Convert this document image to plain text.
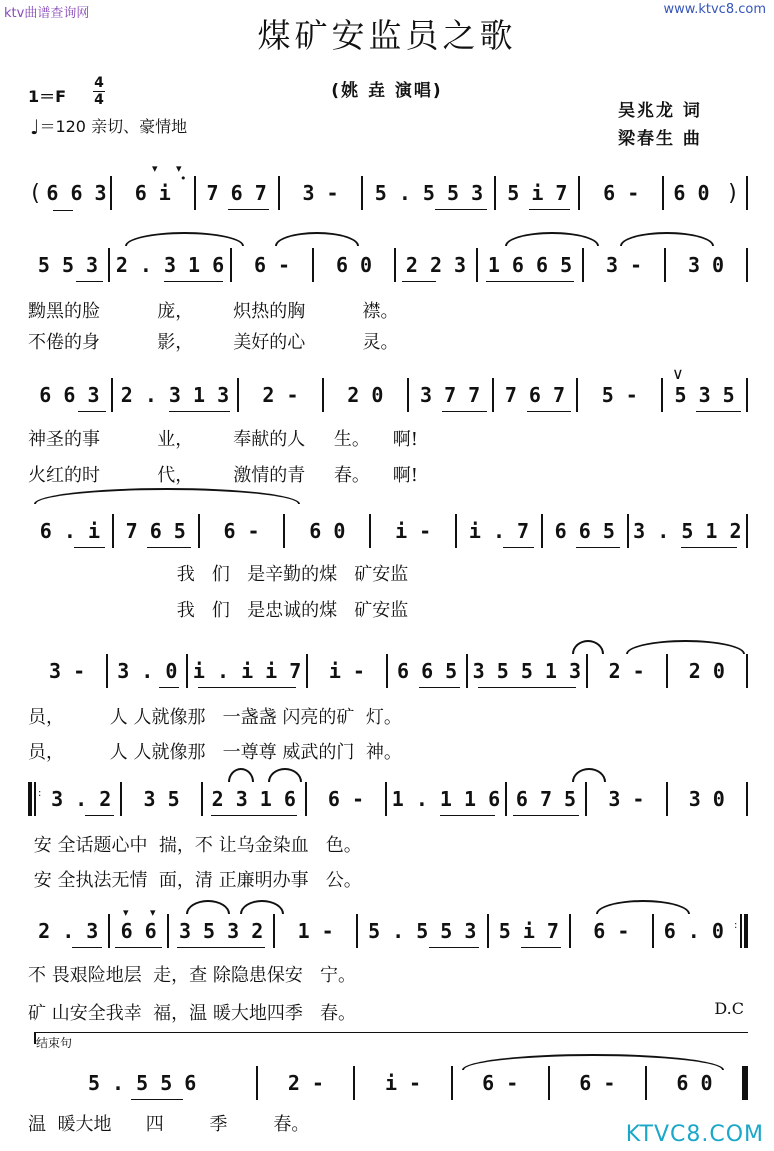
ktv曲谱查询网	www.ktvc8.com
煤矿安监员之歌
(姚 垚 演唱)
1＝F
4
4
♩＝120 亲切、豪情地
吴兆龙 词
梁春生 曲
( 6 6 3 6 i 7 6 7 3 - 5 . 5 5 3 5 i 7 6 - 6 0 )
▾ ▾
•
5 5 3 2 . 3 1 6 6 - 6 0 2 2 3 1 6 6 5 3 - 3 0
黝黑的脸          庞，       炽热的胸          襟。
不倦的身          影，       美好的心          灵。
6 6 3 2 . 3 1 3 2 - 2 0 3 7 7 7 6 7 5 - 5 3 5
∨
神圣的事          业，       奉献的人     生。    啊!
火红的时          代，       激情的青     春。    啊!
6 . i 7 6 5 6 - 6 0 i - i . 7 6 6 5 3 . 5 1 2
我   们   是辛勤的煤   矿安监
我   们   是忠诚的煤   矿安监
3 - 3 . 0 i . i i 7 i - 6 6 5 3 5 5 1 3 2 - 2 0
员，        人 人就像那   一盏盏 闪亮的矿  灯。
员，        人 人就像那   一尊尊 威武的门  神。
: 3 . 2 3 5 2 3 1 6 6 - 1 . 1 1 6 6 7 5 3 - 3 0
安 全话题心中  揣，不 让乌金染血   色。
安 全执法无情  面，清 正廉明办事   公。
▾ ▾
2 . 3 6 6 3 5 3 2 1 - 5 . 5 5 3 5 i 7 6 - 6 . 0 :
不 畏艰险地层  走，查 除隐患保安   宁。
矿 山安全我幸  福，温 暖大地四季   春。	D.C
结束句
5 . 5 5 6	2 -	i -	6 -	6 -	6 0
温  暖大地      四        季        春。	KTVC8.COM
